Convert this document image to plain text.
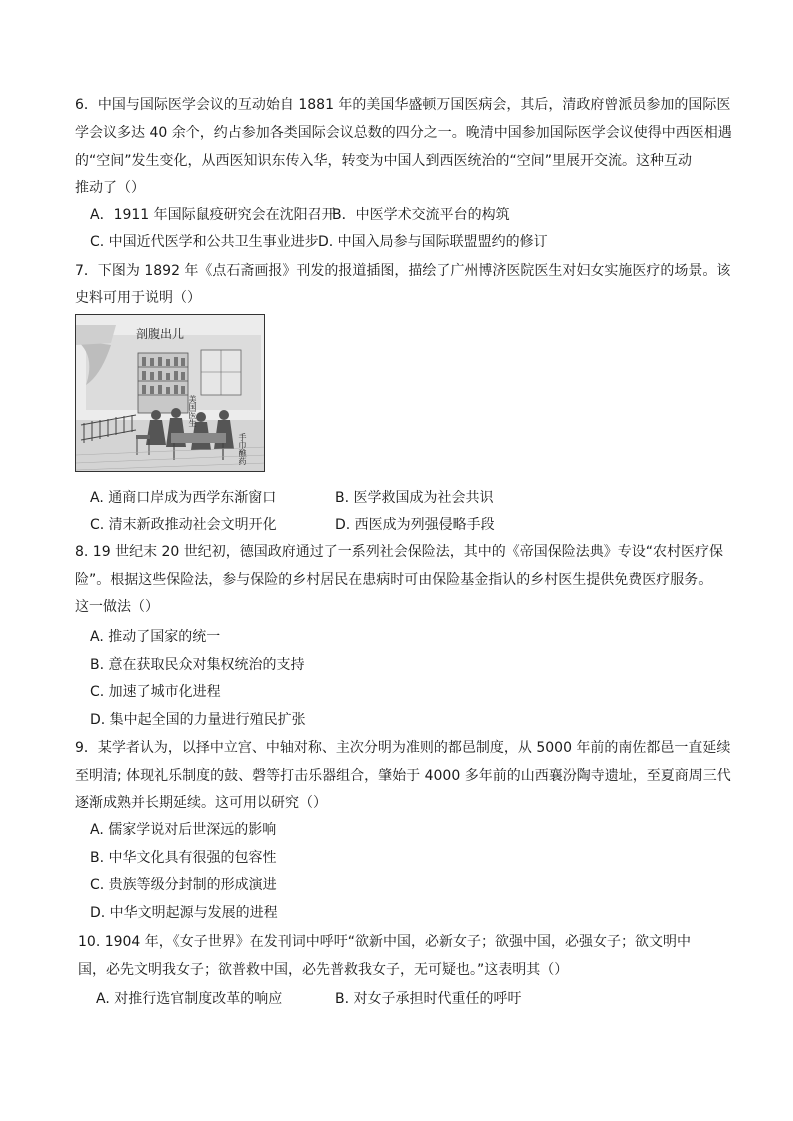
6．中国与国际医学会议的互动始自 1881 年的美国华盛顿万国医病会，其后，清政府曾派员参加的国际医
学会议多达 40 余个，约占参加各类国际会议总数的四分之一。晚清中国参加国际医学会议使得中西医相遇
的“空间”发生变化，从西医知识东传入华，转变为中国人到西医统治的“空间”里展开交流。这种互动
推动了（）
A．1911 年国际鼠疫研究会在沈阳召开
B．中医学术交流平台的构筑
C. 中国近代医学和公共卫生事业进步 D. 中国入局参与国际联盟盟约的修订
7．下图为 1892 年《点石斋画报》刊发的报道插图，描绘了广州博济医院医生对妇女实施医疗的场景。该
史料可用于说明（）
剖腹出儿
美国医生
手巾醮药
A. 通商口岸成为西学东渐窗口	B. 医学救国成为社会共识
C. 清末新政推动社会文明开化	D. 西医成为列强侵略手段
8. 19 世纪末 20 世纪初，德国政府通过了一系列社会保险法，其中的《帝国保险法典》专设“农村医疗保
险”。根据这些保险法，参与保险的乡村居民在患病时可由保险基金指认的乡村医生提供免费医疗服务。
这一做法（）
A. 推动了国家的统一
B. 意在获取民众对集权统治的支持
C. 加速了城市化进程
D. 集中起全国的力量进行殖民扩张
9．某学者认为，以择中立宫、中轴对称、主次分明为准则的都邑制度，从 5000 年前的南佐都邑一直延续
至明清; 体现礼乐制度的鼓、磬等打击乐器组合，肇始于 4000 多年前的山西襄汾陶寺遗址，至夏商周三代
逐渐成熟并长期延续。这可用以研究（）
A. 儒家学说对后世深远的影响
B. 中华文化具有很强的包容性
C. 贵族等级分封制的形成演进
D. 中华文明起源与发展的进程
10. 1904 年，《女子世界》在发刊词中呼吁“欲新中国，必新女子；欲强中国，必强女子；欲文明中
国，必先文明我女子；欲普救中国，必先普救我女子，无可疑也。”这表明其（）
A. 对推行选官制度改革的响应	B. 对女子承担时代重任的呼吁
